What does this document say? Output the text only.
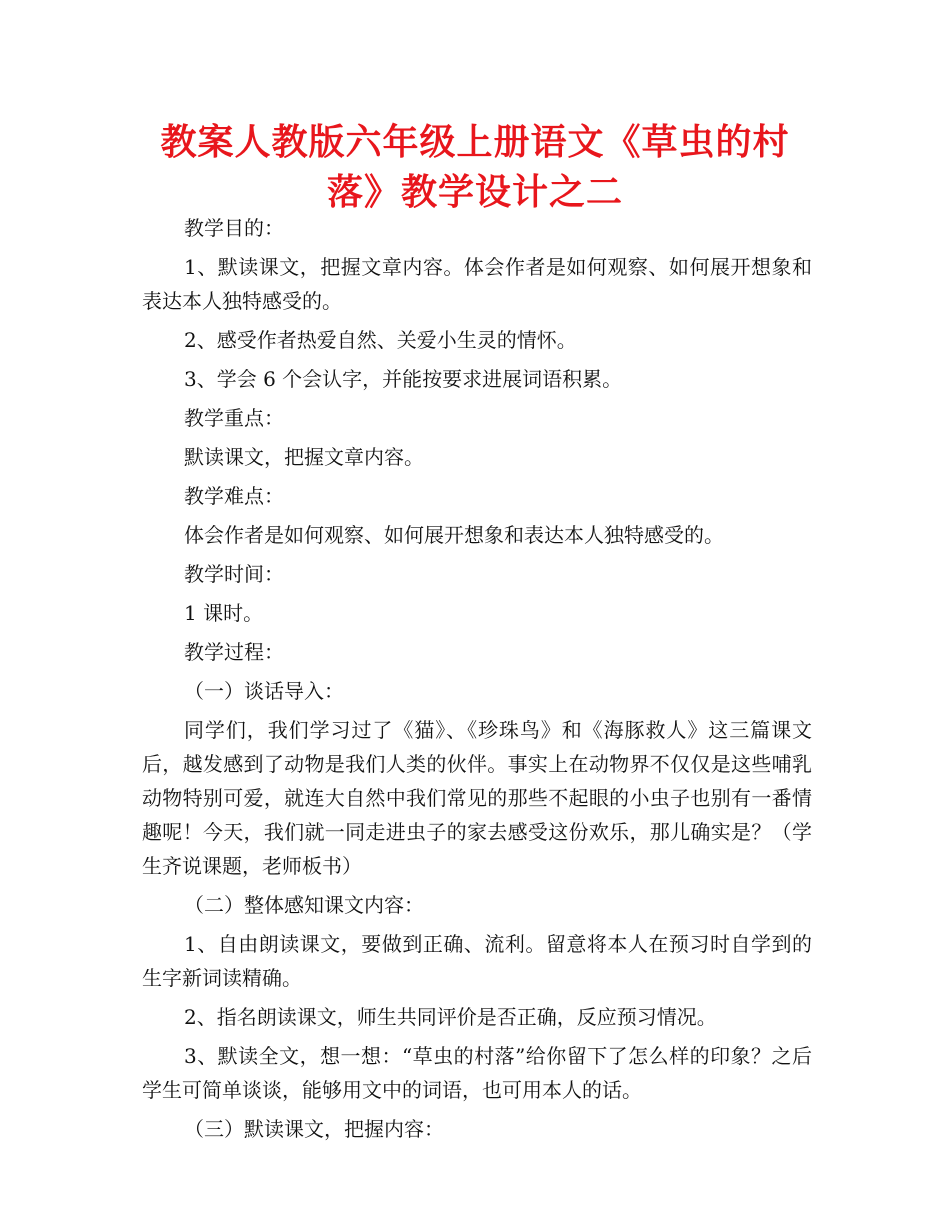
教案人教版六年级上册语文《草虫的村
落》教学设计之二

教学目的：

1、默读课文，把握文章内容。体会作者是如何观察、如何展开想象和表达本人独特感受的。

2、感受作者热爱自然、关爱小生灵的情怀。

3、学会 6 个会认字，并能按要求进展词语积累。

教学重点：

默读课文，把握文章内容。

教学难点：

体会作者是如何观察、如何展开想象和表达本人独特感受的。

教学时间：

1 课时。

教学过程：

（一）谈话导入：

同学们，我们学习过了《猫》、《珍珠鸟》和《海豚救人》这三篇课文后，越发感到了动物是我们人类的伙伴。事实上在动物界不仅仅是这些哺乳动物特别可爱，就连大自然中我们常见的那些不起眼的小虫子也别有一番情趣呢！今天，我们就一同走进虫子的家去感受这份欢乐，那儿确实是？（学生齐说课题，老师板书）

（二）整体感知课文内容：

1、自由朗读课文，要做到正确、流利。留意将本人在预习时自学到的生字新词读精确。

2、指名朗读课文，师生共同评价是否正确，反应预习情况。

3、默读全文，想一想：“草虫的村落”给你留下了怎么样的印象？之后学生可简单谈谈，能够用文中的词语，也可用本人的话。

（三）默读课文，把握内容：
